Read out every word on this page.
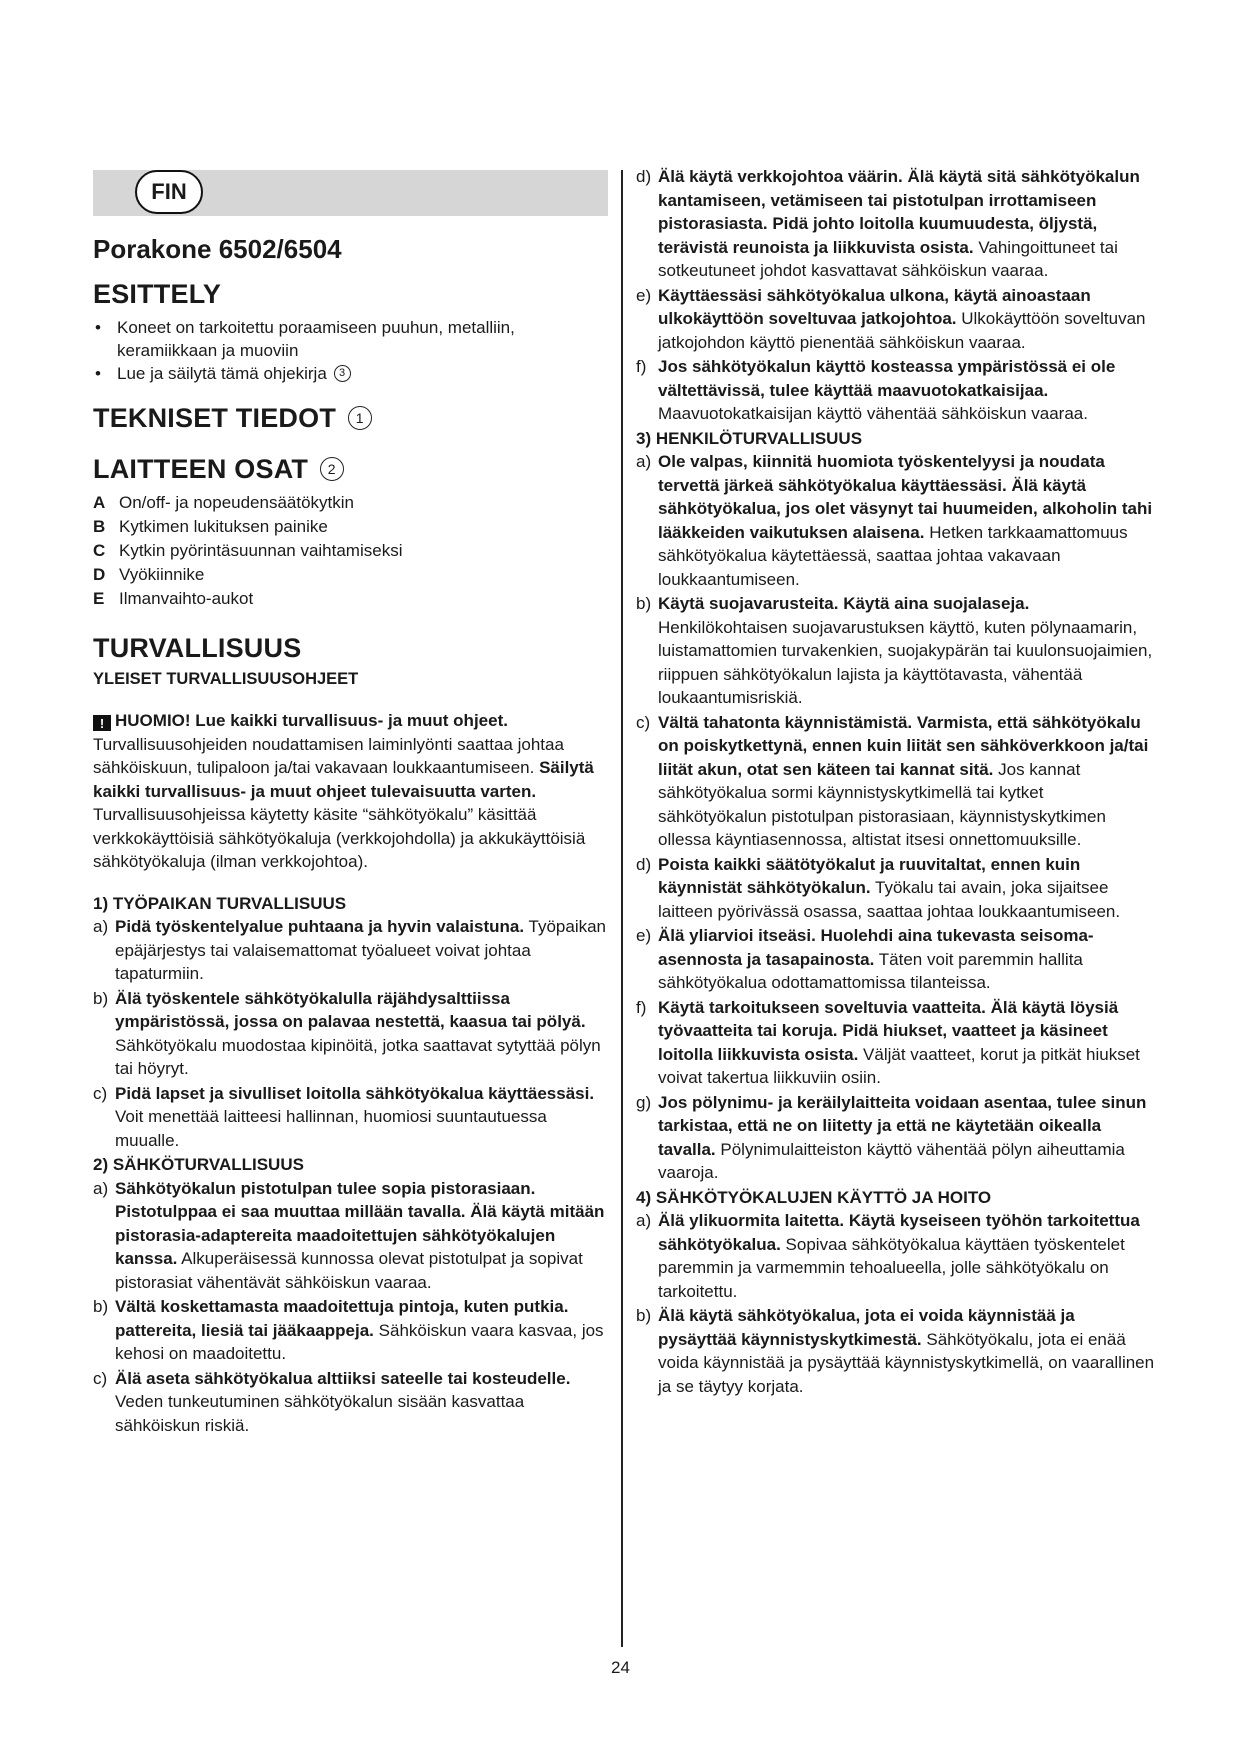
FIN
Porakone 6502/6504
ESITTELY
• Koneet on tarkoitettu poraamiseen puuhun, metalliin, keramiikkaan ja muoviin
• Lue ja säilytä tämä ohjekirja 3
TEKNISET TIEDOT 1
LAITTEEN OSAT 2
A On/off- ja nopeudensäätökytkin
B Kytkimen lukituksen painike
C Kytkin pyörintäsuunnan vaihtamiseksi
D Vyökiinnike
E Ilmanvaihto-aukot
TURVALLISUUS
YLEISET TURVALLISUUSOHJEET
! HUOMIO! Lue kaikki turvallisuus- ja muut ohjeet. Turvallisuusohjeiden noudattamisen laiminlyönti saattaa johtaa sähköiskuun, tulipaloon ja/tai vakavaan loukkaantumiseen. Säilytä kaikki turvallisuus- ja muut ohjeet tulevaisuutta varten. Turvallisuusohjeissa käytetty käsite “sähkötyökalu” käsittää verkkokäyttöisiä sähkötyökaluja (verkkojohdolla) ja akkukäyttöisiä sähkötyökaluja (ilman verkkojohtoa).
1) TYÖPAIKAN TURVALLISUUS
a) Pidä työskentelyalue puhtaana ja hyvin valaistuna. Työpaikan epäjärjestys tai valaisemattomat työalueet voivat johtaa tapaturmiin.
b) Älä työskentele sähkötyökalulla räjähdysalttiissa ympäristössä, jossa on palavaa nestettä, kaasua tai pölyä. Sähkötyökalu muodostaa kipinöitä, jotka saattavat sytyttää pölyn tai höyryt.
c) Pidä lapset ja sivulliset loitolla sähkötyökalua käyttäessäsi. Voit menettää laitteesi hallinnan, huomiosi suuntautuessa muualle.
2) SÄHKÖTURVALLISUUS
a) Sähkötyökalun pistotulpan tulee sopia pistorasiaan. Pistotulppaa ei saa muuttaa millään tavalla. Älä käytä mitään pistorasia-adaptereita maadoitettujen sähkötyökalujen kanssa. Alkuperäisessä kunnossa olevat pistotulpat ja sopivat pistorasiat vähentävät sähköiskun vaaraa.
b) Vältä koskettamasta maadoitettuja pintoja, kuten putkia. pattereita, liesiä tai jääkaappeja. Sähköiskun vaara kasvaa, jos kehosi on maadoitettu.
c) Älä aseta sähkötyökalua alttiiksi sateelle tai kosteudelle. Veden tunkeutuminen sähkötyökalun sisään kasvattaa sähköiskun riskiä.
d) Älä käytä verkkojohtoa väärin. Älä käytä sitä sähkötyökalun kantamiseen, vetämiseen tai pistotulpan irrottamiseen pistorasiasta. Pidä johto loitolla kuumuudesta, öljystä, terävistä reunoista ja liikkuvista osista. Vahingoittuneet tai sotkeutuneet johdot kasvattavat sähköiskun vaaraa.
e) Käyttäessäsi sähkötyökalua ulkona, käytä ainoastaan ulkokäyttöön soveltuvaa jatkojohtoa. Ulkokäyttöön soveltuvan jatkojohdon käyttö pienentää sähköiskun vaaraa.
f) Jos sähkötyökalun käyttö kosteassa ympäristössä ei ole vältettävissä, tulee käyttää maavuotokatkaisijaa. Maavuotokatkaisijan käyttö vähentää sähköiskun vaaraa.
3) HENKILÖTURVALLISUUS
a) Ole valpas, kiinnitä huomiota työskentelyysi ja noudata tervettä järkeä sähkötyökalua käyttäessäsi. Älä käytä sähkötyökalua, jos olet väsynyt tai huumeiden, alkoholin tahi lääkkeiden vaikutuksen alaisena. Hetken tarkkaamattomuus sähkötyökalua käytettäessä, saattaa johtaa vakavaan loukkaantumiseen.
b) Käytä suojavarusteita. Käytä aina suojalaseja. Henkilökohtaisen suojavarustuksen käyttö, kuten pölynaamarin, luistamattomien turvakenkien, suojakypärän tai kuulonsuojaimien, riippuen sähkötyökalun lajista ja käyttötavasta, vähentää loukaantumisriskiä.
c) Vältä tahatonta käynnistämistä. Varmista, että sähkötyökalu on poiskytkettynä, ennen kuin liität sen sähköverkkoon ja/tai liität akun, otat sen käteen tai kannat sitä. Jos kannat sähkötyökalua sormi käynnistyskytkimellä tai kytket sähkötyökalun pistotulpan pistorasiaan, käynnistyskytkimen ollessa käyntiasennossa, altistat itsesi onnettomuuksille.
d) Poista kaikki säätötyökalut ja ruuvitaltat, ennen kuin käynnistät sähkötyökalun. Työkalu tai avain, joka sijaitsee laitteen pyörivässä osassa, saattaa johtaa loukkaantumiseen.
e) Älä yliarvioi itseäsi. Huolehdi aina tukevasta seisoma-asennosta ja tasapainosta. Täten voit paremmin hallita sähkötyökalua odottamattomissa tilanteissa.
f) Käytä tarkoitukseen soveltuvia vaatteita. Älä käytä löysiä työvaatteita tai koruja. Pidä hiukset, vaatteet ja käsineet loitolla liikkuvista osista. Väljät vaatteet, korut ja pitkät hiukset voivat takertua liikkuviin osiin.
g) Jos pölynimu- ja keräilylaitteita voidaan asentaa, tulee sinun tarkistaa, että ne on liitetty ja että ne käytetään oikealla tavalla. Pölynimulaitteiston käyttö vähentää pölyn aiheuttamia vaaroja.
4) SÄHKÖTYÖKALUJEN KÄYTTÖ JA HOITO
a) Älä ylikuormita laitetta. Käytä kyseiseen työhön tarkoitettua sähkötyökalua. Sopivaa sähkötyökalua käyttäen työskentelet paremmin ja varmemmin tehoalueella, jolle sähkötyökalu on tarkoitettu.
b) Älä käytä sähkötyökalua, jota ei voida käynnistää ja pysäyttää käynnistyskytkimestä. Sähkötyökalu, jota ei enää voida käynnistää ja pysäyttää käynnistyskytkimellä, on vaarallinen ja se täytyy korjata.
24
